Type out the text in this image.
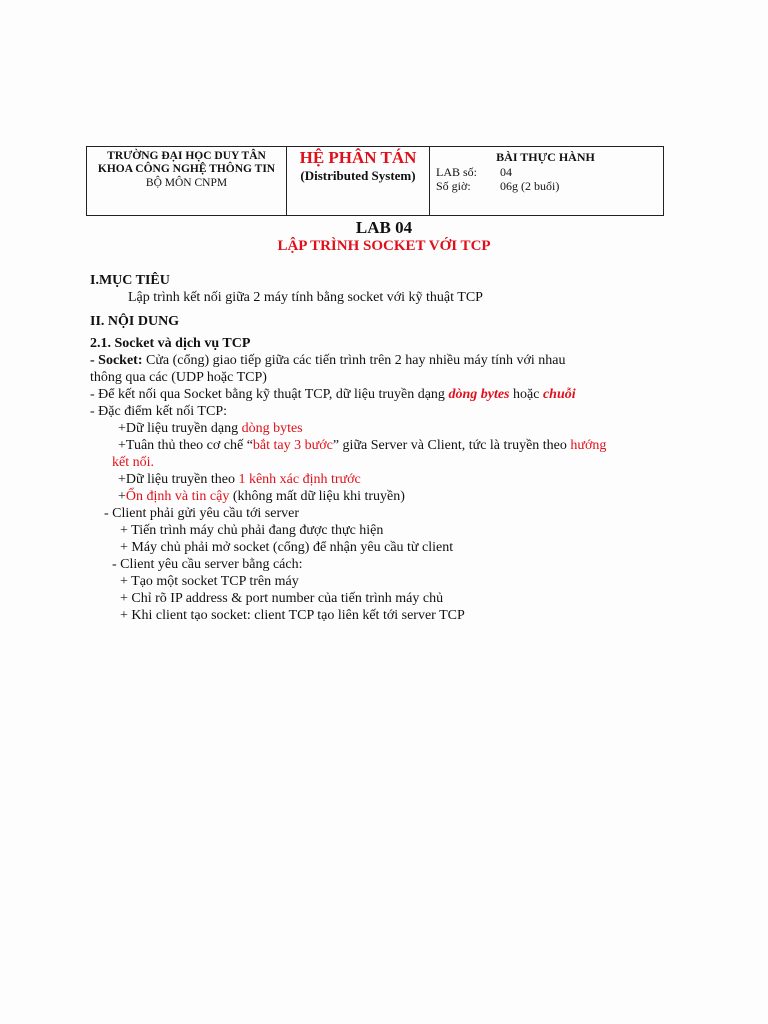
TRƯỜNG ĐẠI HỌC DUY TÂN
KHOA CÔNG NGHỆ THÔNG TIN
BỘ MÔN CNPM
HỆ PHÂN TÁN
(Distributed System)
BÀI THỰC HÀNH
LAB số:	04
Số giờ:	06g (2 buổi)
LAB 04
LẬP TRÌNH SOCKET VỚI TCP
I.MỤC TIÊU
Lập trình kết nối giữa 2 máy tính bằng socket với kỹ thuật TCP
II. NỘI DUNG
2.1. Socket và dịch vụ TCP
- Socket: Cửa (cổng) giao tiếp giữa các tiến trình trên 2 hay nhiều máy tính với nhau
thông qua các (UDP hoặc TCP)
- Để kết nối qua Socket bằng kỹ thuật TCP, dữ liệu truyền dạng dòng bytes hoặc chuỗi
- Đặc điểm kết nối TCP:
+Dữ liệu truyền dạng dòng bytes
+Tuân thủ theo cơ chế “bắt tay 3 bước” giữa Server và Client, tức là truyền theo hướng
kết nối.
+Dữ liệu truyền theo 1 kênh xác định trước
+Ổn định và tin cậy (không mất dữ liệu khi truyền)
- Client phải gửi yêu cầu tới server
+ Tiến trình máy chủ phải đang được thực hiện
+ Máy chủ phải mở socket (cổng) để nhận yêu cầu từ client
- Client yêu cầu server bằng cách:
+ Tạo một socket TCP trên máy
+ Chỉ rõ IP address & port number của tiến trình máy chủ
+ Khi client tạo socket: client TCP tạo liên kết tới server TCP
